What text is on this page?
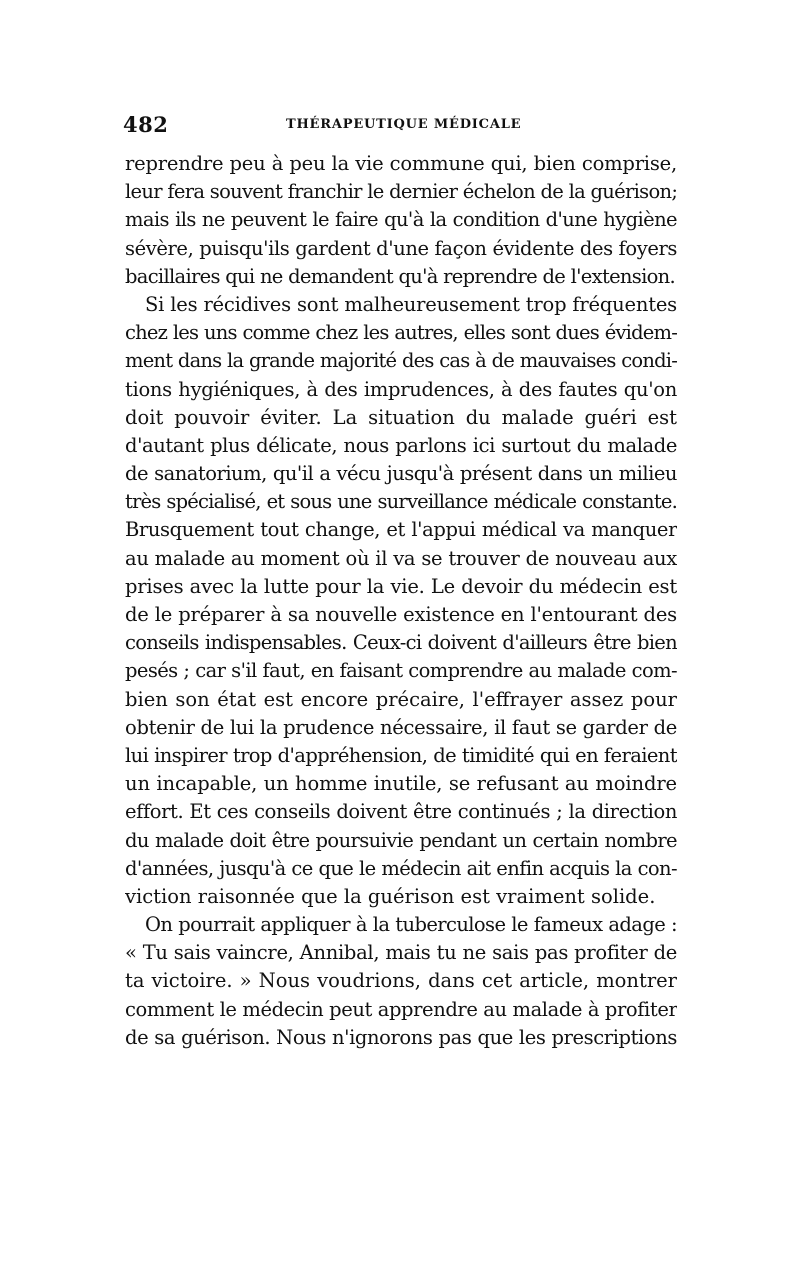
482	THÉRAPEUTIQUE MÉDICALE
reprendre peu à peu la vie commune qui, bien comprise,
leur fera souvent franchir le dernier échelon de la guérison;
mais ils ne peuvent le faire qu'à la condition d'une hygiène
sévère, puisqu'ils gardent d'une façon évidente des foyers
bacillaires qui ne demandent qu'à reprendre de l'extension.
Si les récidives sont malheureusement trop fréquentes
chez les uns comme chez les autres, elles sont dues évidem-
ment dans la grande majorité des cas à de mauvaises condi-
tions hygiéniques, à des imprudences, à des fautes qu'on
doit pouvoir éviter. La situation du malade guéri est
d'autant plus délicate, nous parlons ici surtout du malade
de sanatorium, qu'il a vécu jusqu'à présent dans un milieu
très spécialisé, et sous une surveillance médicale constante.
Brusquement tout change, et l'appui médical va manquer
au malade au moment où il va se trouver de nouveau aux
prises avec la lutte pour la vie. Le devoir du médecin est
de le préparer à sa nouvelle existence en l'entourant des
conseils indispensables. Ceux-ci doivent d'ailleurs être bien
pesés ; car s'il faut, en faisant comprendre au malade com-
bien son état est encore précaire, l'effrayer assez pour
obtenir de lui la prudence nécessaire, il faut se garder de
lui inspirer trop d'appréhension, de timidité qui en feraient
un incapable, un homme inutile, se refusant au moindre
effort. Et ces conseils doivent être continués ; la direction
du malade doit être poursuivie pendant un certain nombre
d'années, jusqu'à ce que le médecin ait enfin acquis la con-
viction raisonnée que la guérison est vraiment solide.
On pourrait appliquer à la tuberculose le fameux adage :
« Tu sais vaincre, Annibal, mais tu ne sais pas profiter de
ta victoire. » Nous voudrions, dans cet article, montrer
comment le médecin peut apprendre au malade à profiter
de sa guérison. Nous n'ignorons pas que les prescriptions
